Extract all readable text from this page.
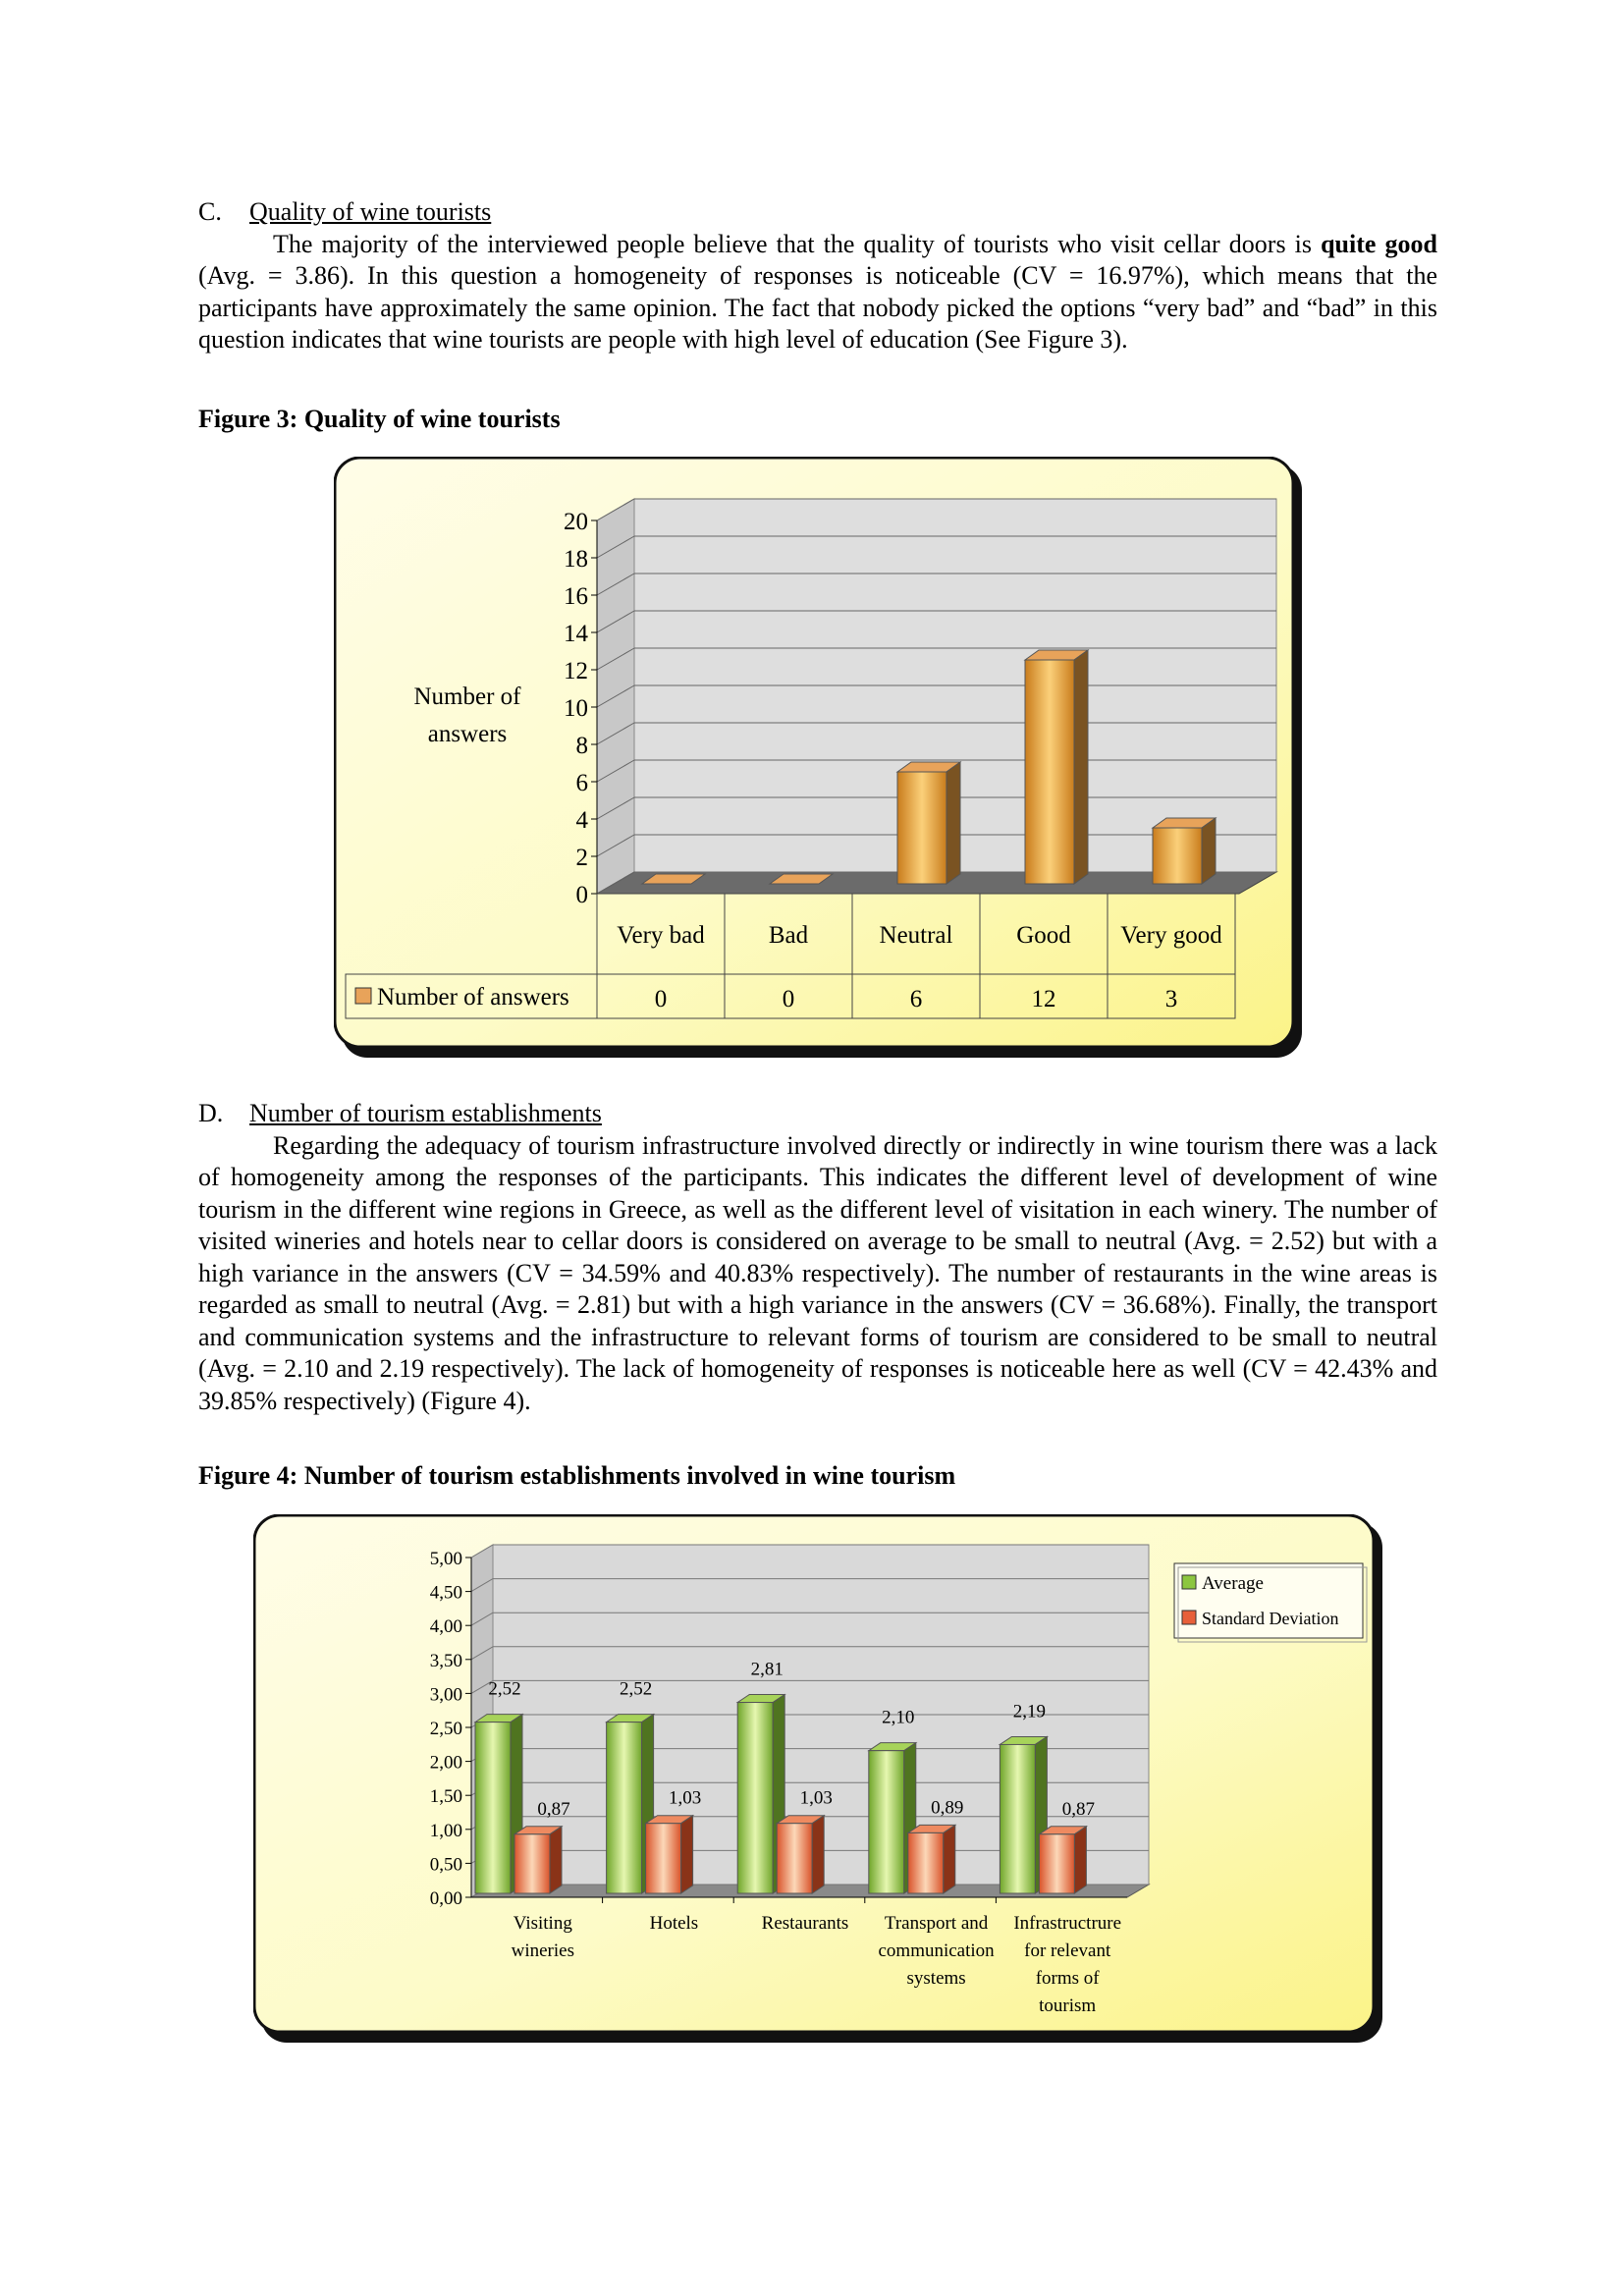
C. Quality of wine tourists

The majority of the interviewed people believe that the quality of tourists who visit cellar doors is quite good (Avg. = 3.86). In this question a homogeneity of responses is noticeable (CV = 16.97%), which means that the participants have approximately the same opinion. The fact that nobody picked the options “very bad” and “bad” in this question indicates that wine tourists are people with high level of education (See Figure 3).

Figure 3: Quality of wine tourists
0
2
4
6
8
10
12
14
16
18
20
Number of
answers
Number of answers
Very bad
0
Bad
0
Neutral
6
Good
12
Very good
3
D. Number of tourism establishments

Regarding the adequacy of tourism infrastructure involved directly or indirectly in wine tourism there was a lack of homogeneity among the responses of the participants. This indicates the different level of development of wine tourism in the different wine regions in Greece, as well as the different level of visitation in each winery. The number of visited wineries and hotels near to cellar doors is considered on average to be small to neutral (Avg. = 2.52) but with a high variance in the answers (CV = 34.59% and 40.83% respectively). The number of restaurants in the wine areas is regarded as small to neutral (Avg. = 2.81) but with a high variance in the answers (CV = 36.68%). Finally, the transport and communication systems and the infrastructure to relevant forms of tourism are considered to be small to neutral (Avg. = 2.10 and 2.19 respectively). The lack of homogeneity of responses is noticeable here as well (CV = 42.43% and 39.85% respectively) (Figure 4).

Figure 4: Number of tourism establishments involved in wine tourism
0,00
0,50
1,00
1,50
2,00
2,50
3,00
3,50
4,00
4,50
5,00
2,52
0,87
Visiting
wineries
2,52
1,03
Hotels
2,81
1,03
Restaurants
2,10
0,89
Transport and
communication
systems
2,19
0,87
Infrastructrure
for relevant
forms of
tourism
Average
Standard Deviation
